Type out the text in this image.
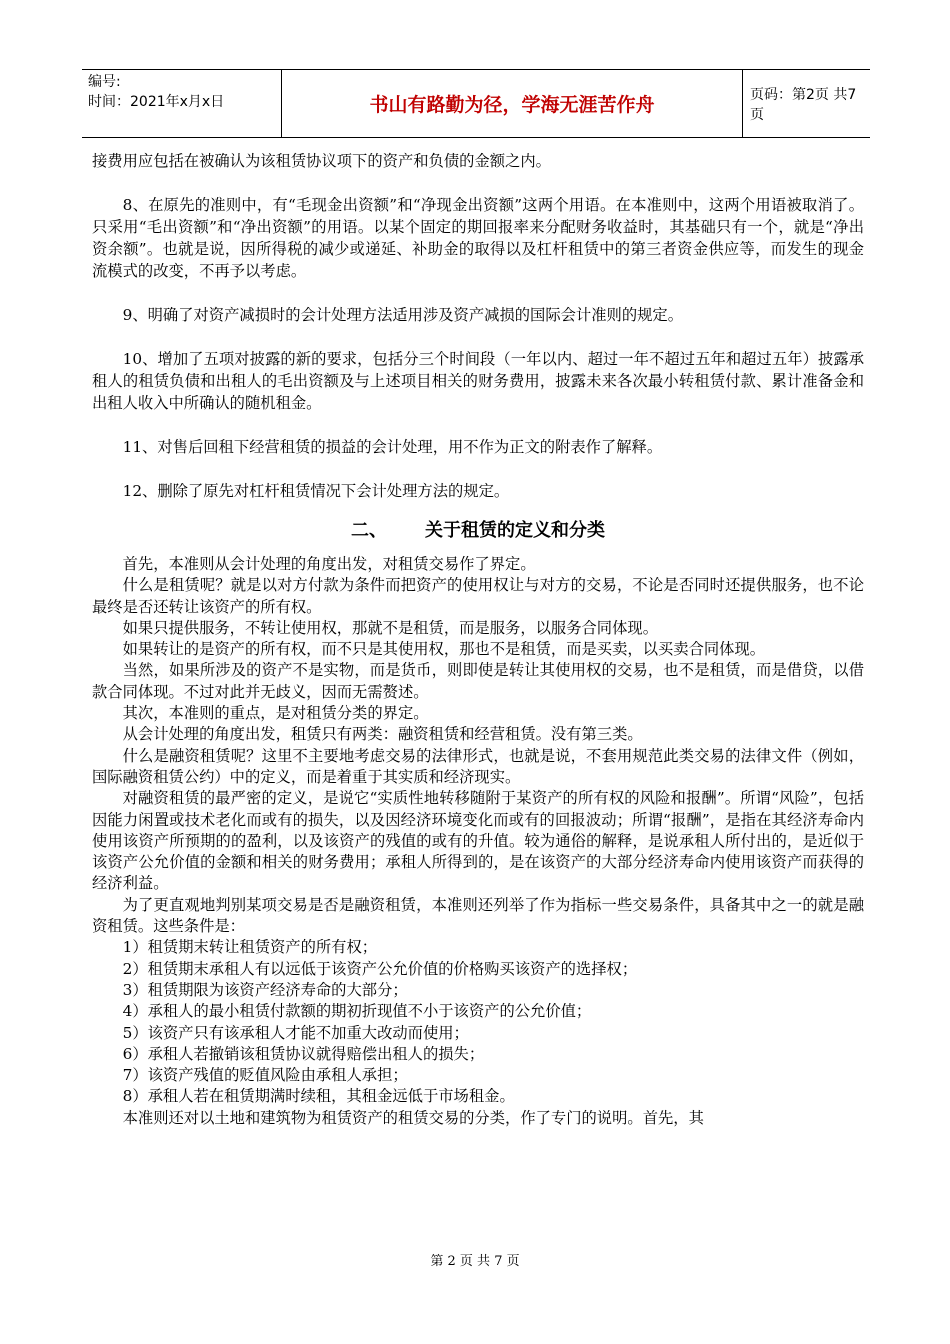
编号:
时间：2021年x月x日	书山有路勤为径，学海无涯苦作舟	页码：第2页 共7页

接费用应包括在被确认为该租赁协议项下的资产和负债的金额之内。

8、在原先的准则中，有“毛现金出资额”和“净现金出资额”这两个用语。在本准则中，这两个用语被取消了。只采用“毛出资额”和“净出资额”的用语。以某个固定的期回报率来分配财务收益时，其基础只有一个，就是“净出资余额”。也就是说，因所得税的减少或递延、补助金的取得以及杠杆租赁中的第三者资金供应等，而发生的现金流模式的改变，不再予以考虑。

9、明确了对资产减损时的会计处理方法适用涉及资产减损的国际会计准则的规定。

10、增加了五项对披露的新的要求，包括分三个时间段（一年以内、超过一年不超过五年和超过五年）披露承租人的租赁负债和出租人的毛出资额及与上述项目相关的财务费用，披露未来各次最小转租赁付款、累计准备金和出租人收入中所确认的随机租金。

11、对售后回租下经营租赁的损益的会计处理，用不作为正文的附表作了解释。

12、删除了原先对杠杆租赁情况下会计处理方法的规定。

二、 关于租赁的定义和分类

首先，本准则从会计处理的角度出发，对租赁交易作了界定。

什么是租赁呢？就是以对方付款为条件而把资产的使用权让与对方的交易，不论是否同时还提供服务，也不论最终是否还转让该资产的所有权。

如果只提供服务，不转让使用权，那就不是租赁，而是服务，以服务合同体现。

如果转让的是资产的所有权，而不只是其使用权，那也不是租赁，而是买卖，以买卖合同体现。

当然，如果所涉及的资产不是实物，而是货币，则即使是转让其使用权的交易，也不是租赁，而是借贷，以借款合同体现。不过对此并无歧义，因而无需赘述。

其次，本准则的重点，是对租赁分类的界定。

从会计处理的角度出发，租赁只有两类：融资租赁和经营租赁。没有第三类。

什么是融资租赁呢？这里不主要地考虑交易的法律形式，也就是说，不套用规范此类交易的法律文件（例如，国际融资租赁公约）中的定义，而是着重于其实质和经济现实。

对融资租赁的最严密的定义，是说它“实质性地转移随附于某资产的所有权的风险和报酬”。所谓“风险”，包括因能力闲置或技术老化而或有的损失，以及因经济环境变化而或有的回报波动；所谓“报酬”，是指在其经济寿命内使用该资产所预期的的盈利，以及该资产的残值的或有的升值。较为通俗的解释，是说承租人所付出的，是近似于该资产公允价值的金额和相关的财务费用；承租人所得到的，是在该资产的大部分经济寿命内使用该资产而获得的经济利益。

为了更直观地判别某项交易是否是融资租赁，本准则还列举了作为指标一些交易条件，具备其中之一的就是融资租赁。这些条件是：

1）租赁期末转让租赁资产的所有权；

2）租赁期末承租人有以远低于该资产公允价值的价格购买该资产的选择权；

3）租赁期限为该资产经济寿命的大部分；

4）承租人的最小租赁付款额的期初折现值不小于该资产的公允价值；

5）该资产只有该承租人才能不加重大改动而使用；

6）承租人若撤销该租赁协议就得赔偿出租人的损失；

7）该资产残值的贬值风险由承租人承担；

8）承租人若在租赁期满时续租，其租金远低于市场租金。

本准则还对以土地和建筑物为租赁资产的租赁交易的分类，作了专门的说明。首先，其

第 2 页 共 7 页
